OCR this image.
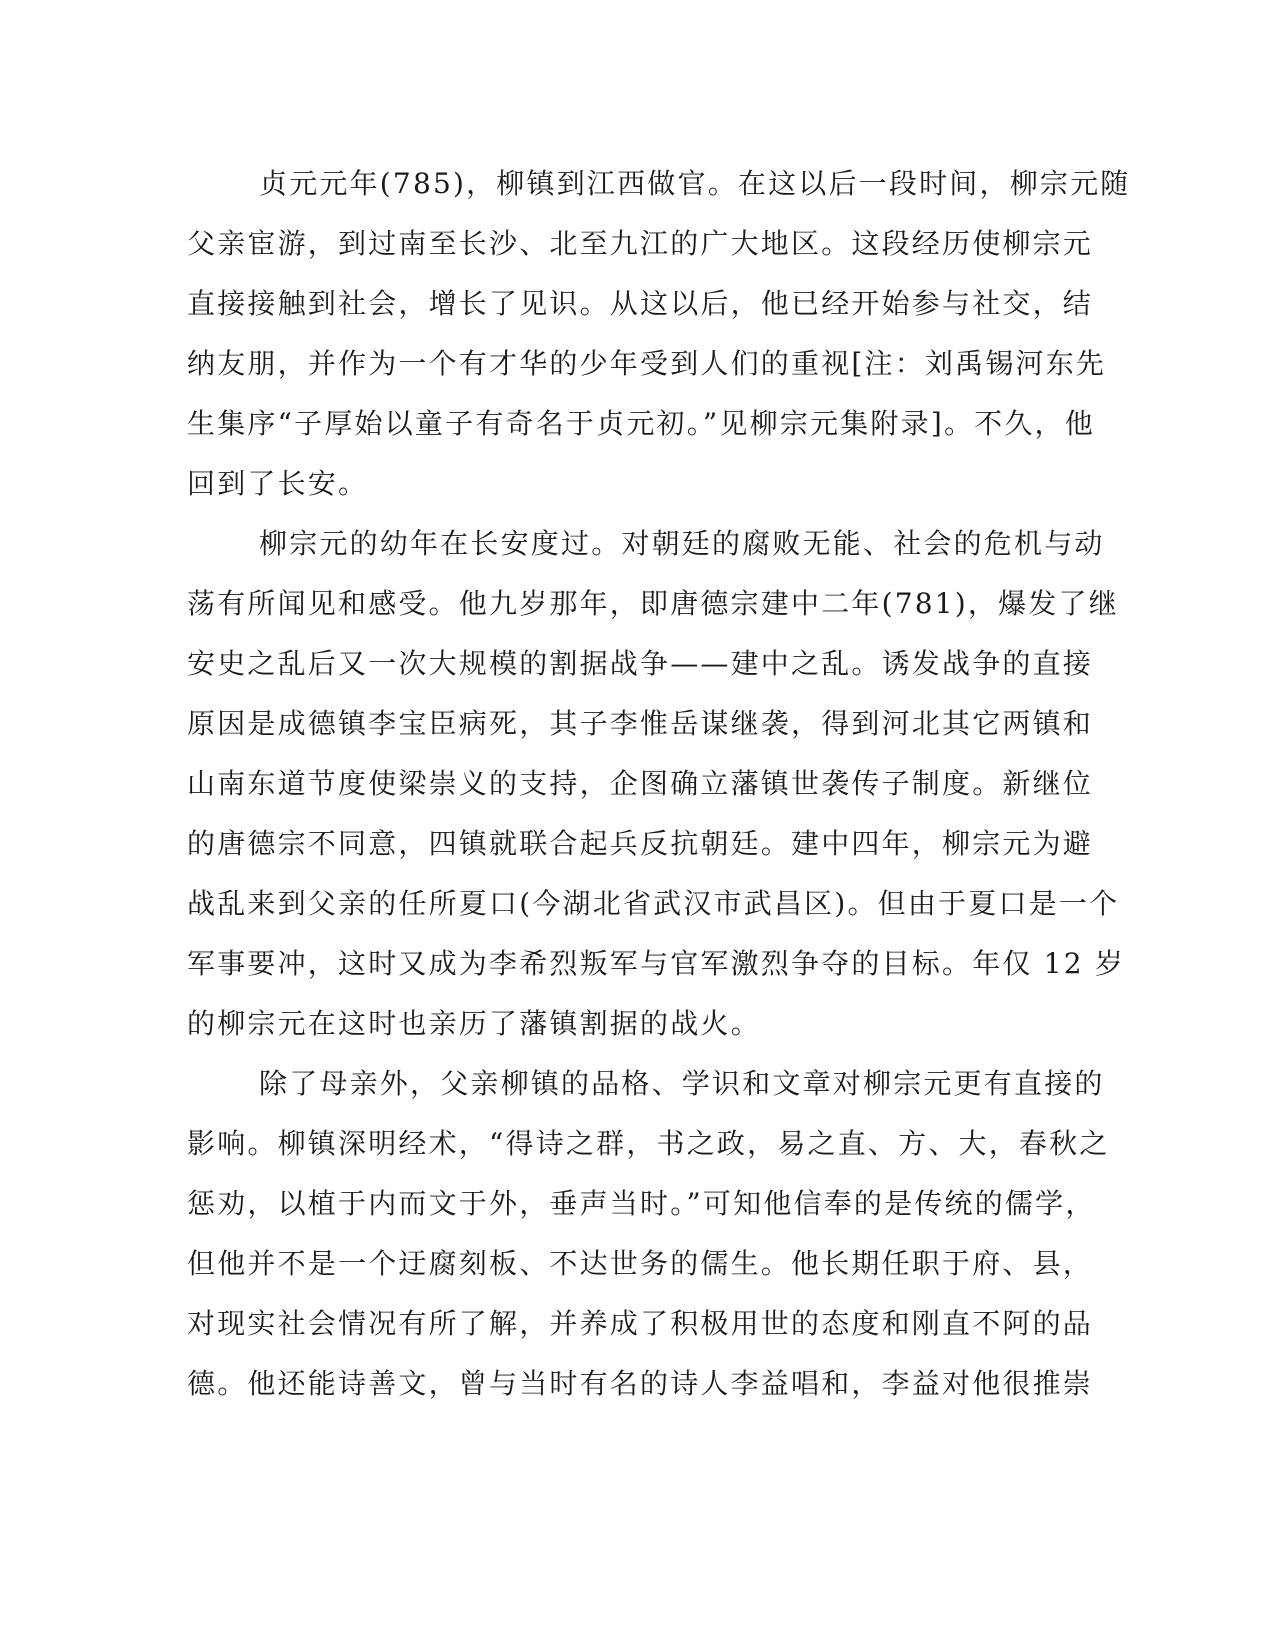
贞元元年(785)，柳镇到江西做官。在这以后一段时间，柳宗元随
父亲宦游，到过南至长沙、北至九江的广大地区。这段经历使柳宗元
直接接触到社会，增长了见识。从这以后，他已经开始参与社交，结
纳友朋，并作为一个有才华的少年受到人们的重视[注：刘禹锡河东先
生集序“子厚始以童子有奇名于贞元初。”见柳宗元集附录]。不久，他
回到了长安。
柳宗元的幼年在长安度过。对朝廷的腐败无能、社会的危机与动
荡有所闻见和感受。他九岁那年，即唐德宗建中二年(781)，爆发了继
安史之乱后又一次大规模的割据战争——建中之乱。诱发战争的直接
原因是成德镇李宝臣病死，其子李惟岳谋继袭，得到河北其它两镇和
山南东道节度使梁崇义的支持，企图确立藩镇世袭传子制度。新继位
的唐德宗不同意，四镇就联合起兵反抗朝廷。建中四年，柳宗元为避
战乱来到父亲的任所夏口(今湖北省武汉市武昌区)。但由于夏口是一个
军事要冲，这时又成为李希烈叛军与官军激烈争夺的目标。年仅 12 岁
的柳宗元在这时也亲历了藩镇割据的战火。
除了母亲外，父亲柳镇的品格、学识和文章对柳宗元更有直接的
影响。柳镇深明经术，“得诗之群，书之政，易之直、方、大，春秋之
惩劝，以植于内而文于外，垂声当时。”可知他信奉的是传统的儒学，
但他并不是一个迂腐刻板、不达世务的儒生。他长期任职于府、县，
对现实社会情况有所了解，并养成了积极用世的态度和刚直不阿的品
德。他还能诗善文，曾与当时有名的诗人李益唱和，李益对他很推崇
